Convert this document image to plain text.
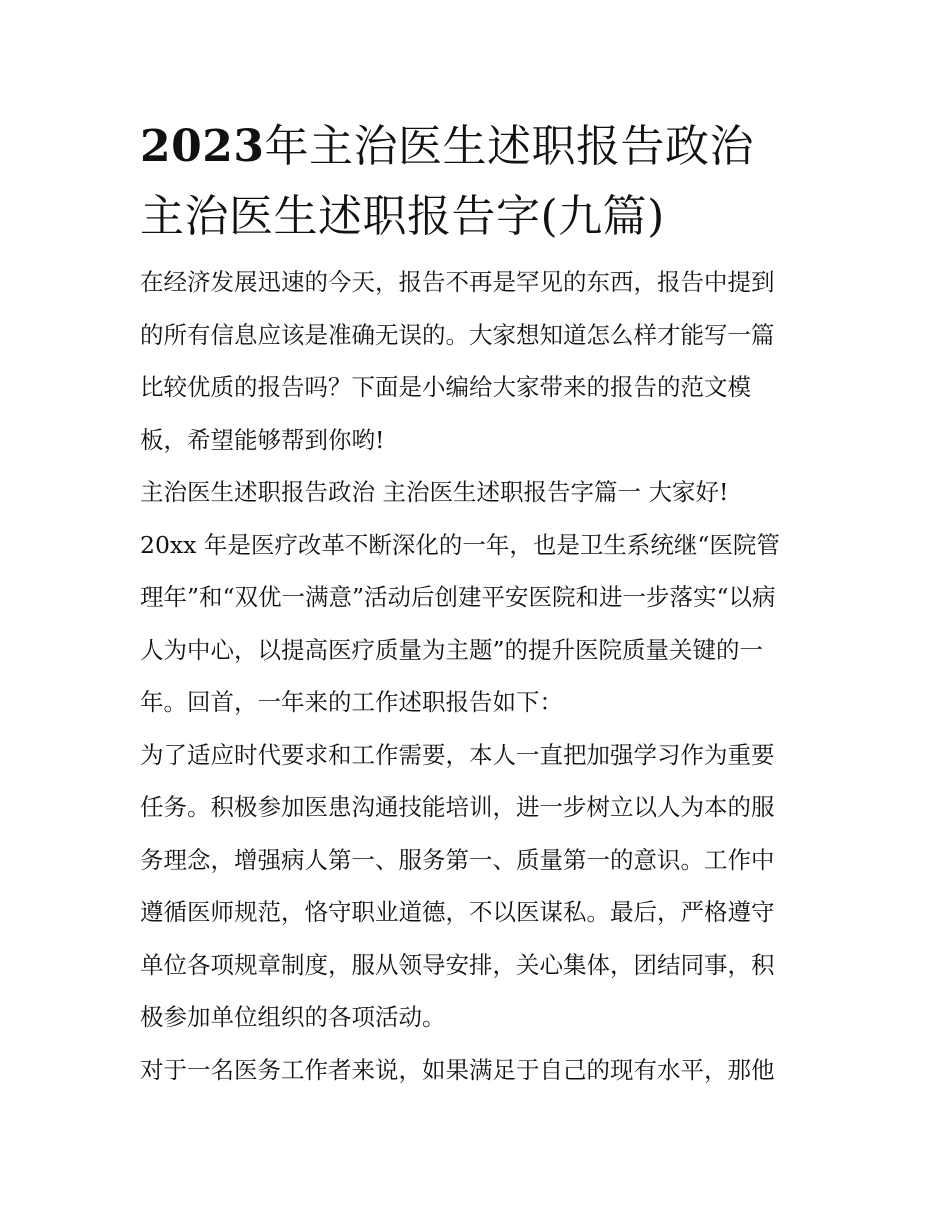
2023年主治医生述职报告政治
主治医生述职报告字(九篇)
在经济发展迅速的今天，报告不再是罕见的东西，报告中提到
的所有信息应该是准确无误的。大家想知道怎么样才能写一篇
比较优质的报告吗？下面是小编给大家带来的报告的范文模
板，希望能够帮到你哟!
主治医生述职报告政治 主治医生述职报告字篇一 大家好!
20xx 年是医疗改革不断深化的一年，也是卫生系统继“医院管
理年”和“双优一满意”活动后创建平安医院和进一步落实“以病
人为中心，以提高医疗质量为主题”的提升医院质量关键的一
年。回首，一年来的工作述职报告如下：
为了适应时代要求和工作需要，本人一直把加强学习作为重要
任务。积极参加医患沟通技能培训，进一步树立以人为本的服
务理念，增强病人第一、服务第一、质量第一的意识。工作中
遵循医师规范，恪守职业道德，不以医谋私。最后，严格遵守
单位各项规章制度，服从领导安排，关心集体，团结同事，积
极参加单位组织的各项活动。
对于一名医务工作者来说，如果满足于自己的现有水平，那他
